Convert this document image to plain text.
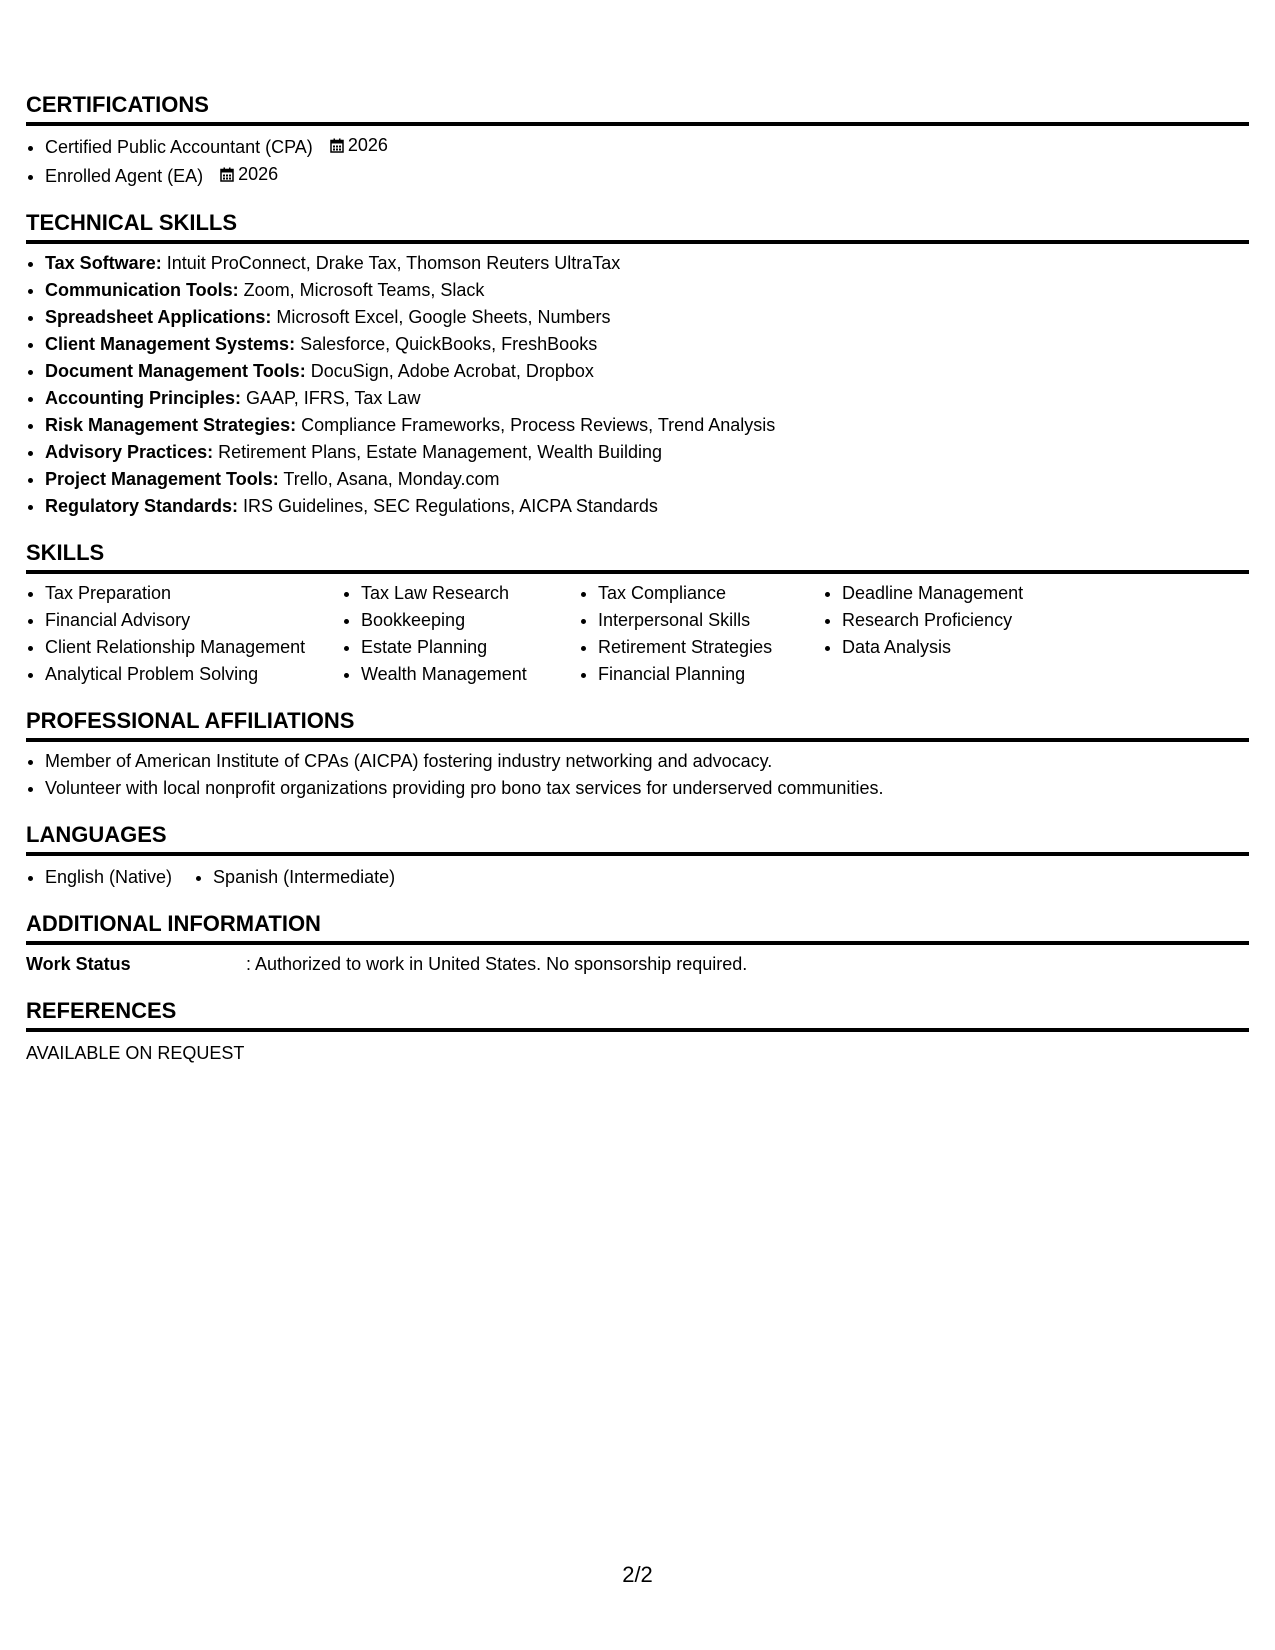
CERTIFICATIONS
• Certified Public Accountant (CPA) 2026
• Enrolled Agent (EA) 2026
TECHNICAL SKILLS
• Tax Software: Intuit ProConnect, Drake Tax, Thomson Reuters UltraTax
• Communication Tools: Zoom, Microsoft Teams, Slack
• Spreadsheet Applications: Microsoft Excel, Google Sheets, Numbers
• Client Management Systems: Salesforce, QuickBooks, FreshBooks
• Document Management Tools: DocuSign, Adobe Acrobat, Dropbox
• Accounting Principles: GAAP, IFRS, Tax Law
• Risk Management Strategies: Compliance Frameworks, Process Reviews, Trend Analysis
• Advisory Practices: Retirement Plans, Estate Management, Wealth Building
• Project Management Tools: Trello, Asana, Monday.com
• Regulatory Standards: IRS Guidelines, SEC Regulations, AICPA Standards
SKILLS
• Tax Preparation
• Financial Advisory
• Client Relationship Management
• Analytical Problem Solving
• Tax Law Research
• Bookkeeping
• Estate Planning
• Wealth Management
• Tax Compliance
• Interpersonal Skills
• Retirement Strategies
• Financial Planning
• Deadline Management
• Research Proficiency
• Data Analysis
PROFESSIONAL AFFILIATIONS
• Member of American Institute of CPAs (AICPA) fostering industry networking and advocacy.
• Volunteer with local nonprofit organizations providing pro bono tax services for underserved communities.
LANGUAGES
• English (Native)
• Spanish (Intermediate)
ADDITIONAL INFORMATION
Work Status	: Authorized to work in United States. No sponsorship required.
REFERENCES
AVAILABLE ON REQUEST
2/2
